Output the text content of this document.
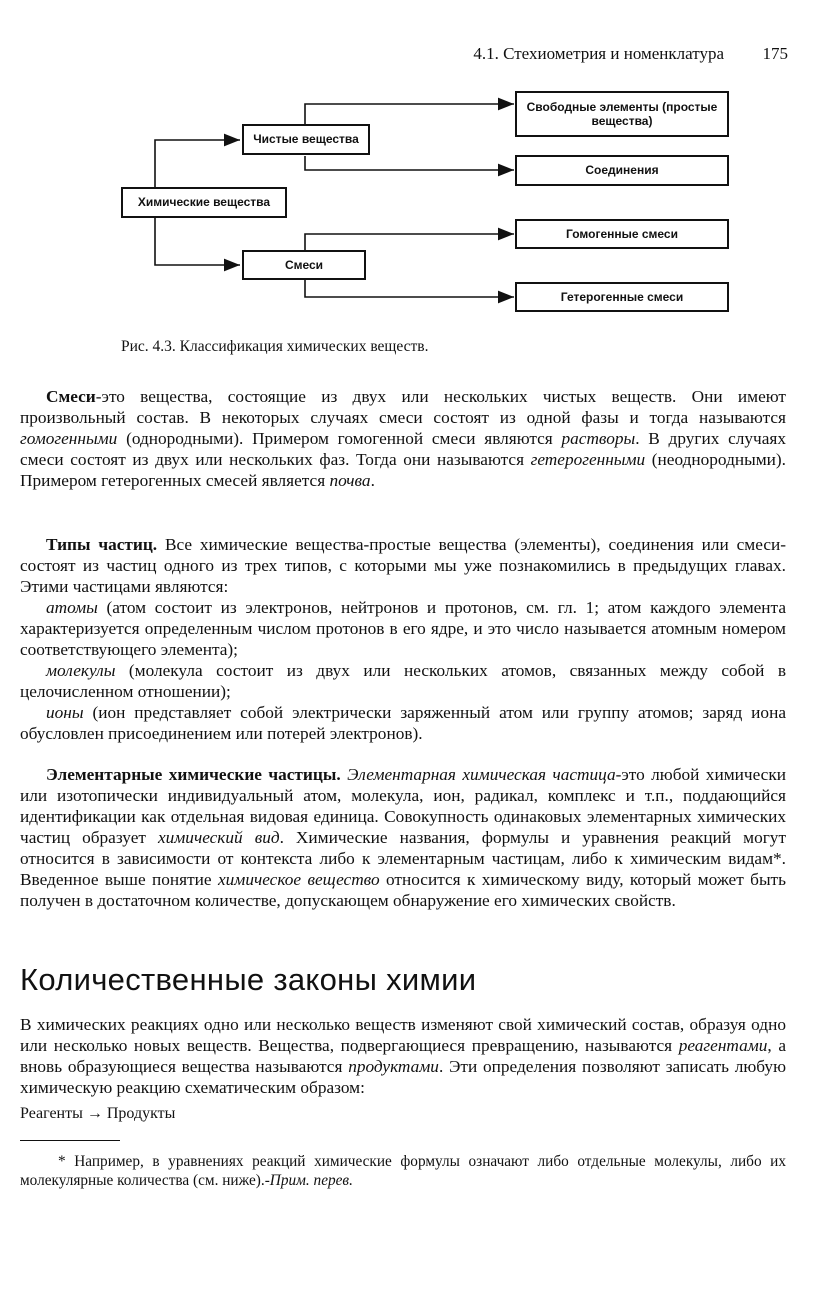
4.1. Стехиометрия и номенклатура 175
Химические вещества
Чистые вещества
Смеси
Свободные элементы (простые вещества)
Соединения
Гомогенные смеси
Гетерогенные смеси
Рис. 4.3. Классификация химических веществ.

Смеси-это вещества, состоящие из двух или нескольких чистых веществ. Они имеют произвольный состав. В некоторых случаях смеси состоят из одной фазы и тогда называются гомогенными (однородными). Примером гомогенной смеси являются растворы. В других случаях смеси состоят из двух или нескольких фаз. Тогда они называются гетерогенными (неоднородными). Примером гетерогенных смесей является почва.

Типы частиц. Все химические вещества-простые вещества (элементы), соединения или смеси-состоят из частиц одного из трех типов, с которыми мы уже познакомились в предыдущих главах. Этими частицами являются:

атомы (атом состоит из электронов, нейтронов и протонов, см. гл. 1; атом каждого элемента характеризуется определенным числом протонов в его ядре, и это число называется атомным номером соответствующего элемента);

молекулы (молекула состоит из двух или нескольких атомов, связанных между собой в целочисленном отношении);

ионы (ион представляет собой электрически заряженный атом или группу атомов; заряд иона обусловлен присоединением или потерей электронов).

Элементарные химические частицы. Элементарная химическая частица-это любой химически или изотопически индивидуальный атом, молекула, ион, радикал, комплекс и т.п., поддающийся идентификации как отдельная видовая единица. Совокупность одинаковых элементарных химических частиц образует химический вид. Химические названия, формулы и уравнения реакций могут относится в зависимости от контекста либо к элементарным частицам, либо к химическим видам*. Введенное выше понятие химическое вещество относится к химическому виду, который может быть получен в достаточном количестве, допускающем обнаружение его химических свойств.

Количественные законы химии

В химических реакциях одно или несколько веществ изменяют свой химический состав, образуя одно или несколько новых веществ. Вещества, подвергающиеся превращению, называются реагентами, а вновь образующиеся вещества называются продуктами. Эти определения позволяют записать любую химическую реакцию схематическим образом:

Реагенты → Продукты
* Например, в уравнениях реакций химические формулы означают либо отдельные молекулы, либо их молекулярные количества (см. ниже).-Прим. перев.
